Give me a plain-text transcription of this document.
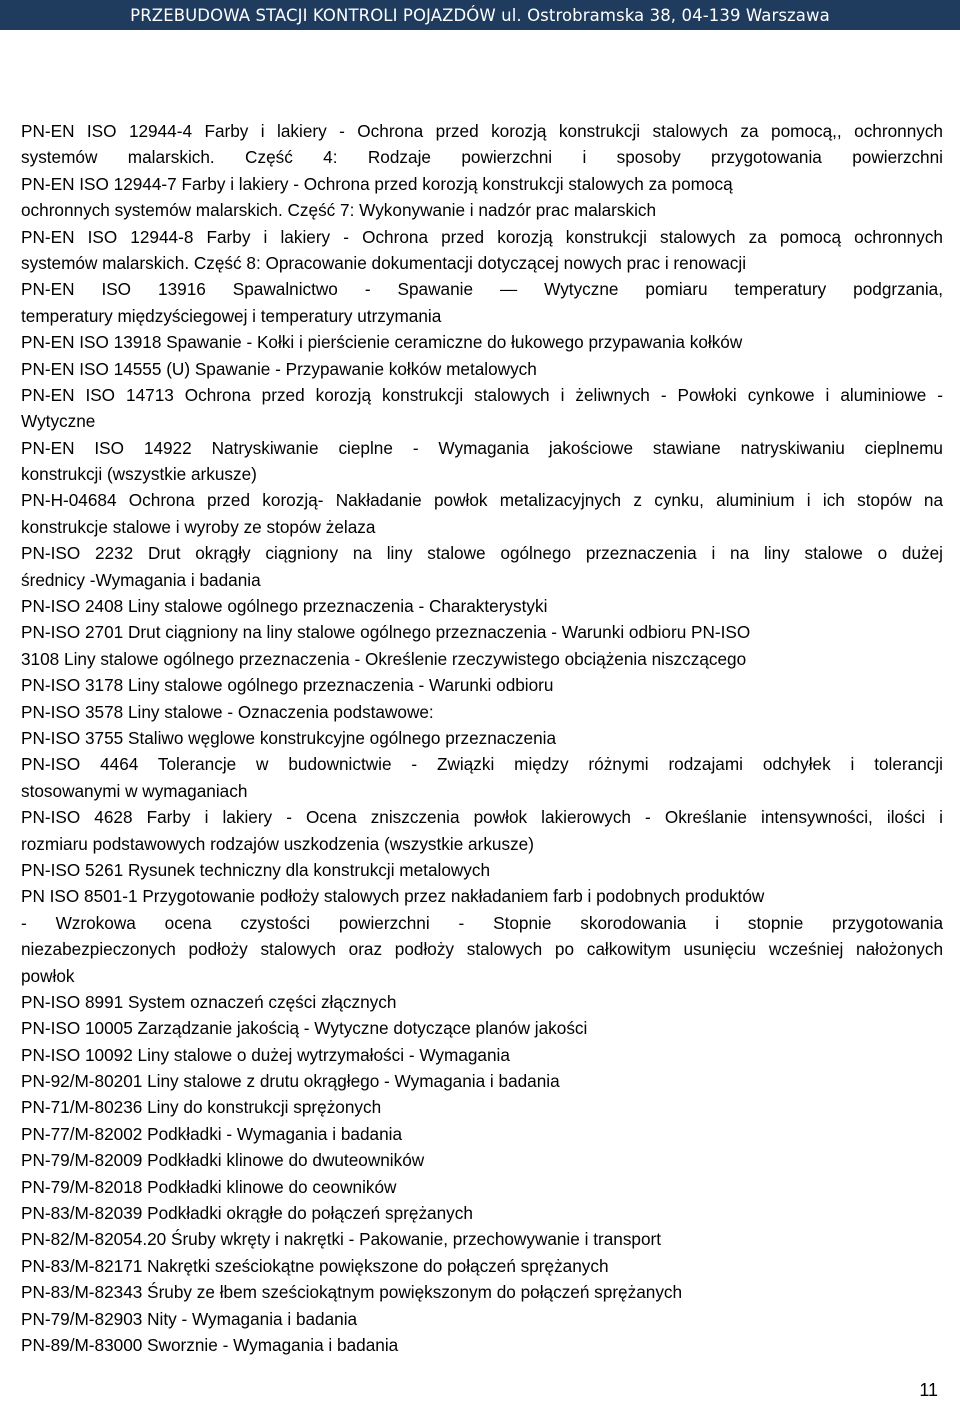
PRZEBUDOWA STACJI KONTROLI POJAZDÓW ul. Ostrobramska 38, 04-139 Warszawa
PN-EN ISO 12944-4 Farby i lakiery - Ochrona przed korozją konstrukcji stalowych za pomocą,, ochronnych
systemów malarskich. Część 4: Rodzaje powierzchni i sposoby przygotowania powierzchni
PN-EN ISO 12944-7 Farby i lakiery - Ochrona przed korozją konstrukcji stalowych za pomocą
ochronnych systemów malarskich. Część 7: Wykonywanie i nadzór prac malarskich
PN-EN ISO 12944-8 Farby i lakiery - Ochrona przed korozją konstrukcji stalowych za pomocą ochronnych
systemów malarskich. Część 8: Opracowanie dokumentacji dotyczącej nowych prac i renowacji
PN-EN ISO 13916 Spawalnictwo - Spawanie — Wytyczne pomiaru temperatury podgrzania,
temperatury międzyściegowej i temperatury utrzymania
PN-EN ISO 13918 Spawanie - Kołki i pierścienie ceramiczne do łukowego przypawania kołków
PN-EN ISO 14555 (U) Spawanie - Przypawanie kołków metalowych
PN-EN ISO 14713 Ochrona przed korozją konstrukcji stalowych i żeliwnych - Powłoki cynkowe i aluminiowe -
Wytyczne
PN-EN ISO 14922 Natryskiwanie cieplne - Wymagania jakościowe stawiane natryskiwaniu cieplnemu
konstrukcji (wszystkie arkusze)
PN-H-04684 Ochrona przed korozją- Nakładanie powłok metalizacyjnych z cynku, aluminium i ich stopów na
konstrukcje stalowe i wyroby ze stopów żelaza
PN-ISO 2232 Drut okrągły ciągniony na liny stalowe ogólnego przeznaczenia i na liny stalowe o dużej
średnicy -Wymagania i badania
PN-ISO 2408 Liny stalowe ogólnego przeznaczenia - Charakterystyki
PN-ISO 2701 Drut ciągniony na liny stalowe ogólnego przeznaczenia - Warunki odbioru PN-ISO
3108 Liny stalowe ogólnego przeznaczenia - Określenie rzeczywistego obciążenia niszczącego
PN-ISO 3178 Liny stalowe ogólnego przeznaczenia - Warunki odbioru
PN-ISO 3578 Liny stalowe - Oznaczenia podstawowe:
PN-ISO 3755 Staliwo węglowe konstrukcyjne ogólnego przeznaczenia
PN-ISO 4464 Tolerancje w budownictwie - Związki między różnymi rodzajami odchyłek i tolerancji
stosowanymi w wymaganiach
PN-ISO 4628 Farby i lakiery - Ocena zniszczenia powłok lakierowych - Określanie intensywności, ilości i
rozmiaru podstawowych rodzajów uszkodzenia (wszystkie arkusze)
PN-ISO 5261 Rysunek techniczny dla konstrukcji metalowych
PN ISO 8501-1 Przygotowanie podłoży stalowych przez nakładaniem farb i podobnych produktów
- Wzrokowa ocena czystości powierzchni - Stopnie skorodowania i stopnie przygotowania
niezabezpieczonych podłoży stalowych oraz podłoży stalowych po całkowitym usunięciu wcześniej nałożonych
powłok
PN-ISO 8991 System oznaczeń części złącznych
PN-ISO 10005 Zarządzanie jakością - Wytyczne dotyczące planów jakości
PN-ISO 10092 Liny stalowe o dużej wytrzymałości - Wymagania
PN-92/M-80201 Liny stalowe z drutu okrągłego - Wymagania i badania
PN-71/M-80236 Liny do konstrukcji sprężonych
PN-77/M-82002 Podkładki - Wymagania i badania
PN-79/M-82009 Podkładki klinowe do dwuteowników
PN-79/M-82018 Podkładki klinowe do ceowników
PN-83/M-82039 Podkładki okrągłe do połączeń sprężanych
PN-82/M-82054.20 Śruby wkręty i nakrętki - Pakowanie, przechowywanie i transport
PN-83/M-82171 Nakrętki sześciokątne powiększone do połączeń sprężanych
PN-83/M-82343 Śruby ze łbem sześciokątnym powiększonym do połączeń sprężanych
PN-79/M-82903 Nity - Wymagania i badania
PN-89/M-83000 Sworznie - Wymagania i badania
11
